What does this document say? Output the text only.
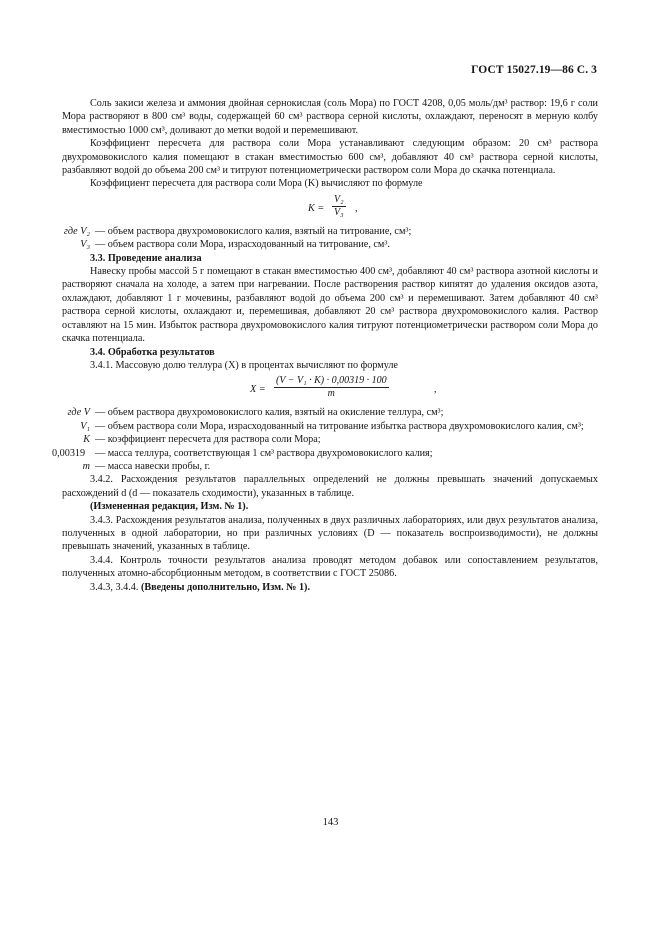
ГОСТ 15027.19—86 С. 3

Соль закиси железа и аммония двойная сернокислая (соль Мора) по ГОСТ 4208, 0,05 моль/дм³ раствор: 19,6 г соли Мора растворяют в 800 см³ воды, содержащей 60 см³ раствора серной кислоты, охлаждают, переносят в мерную колбу вместимостью 1000 см³, доливают до метки водой и перемешивают.

Коэффициент пересчета для раствора соли Мора устанавливают следующим образом: 20 см³ раствора двухромовокислого калия помещают в стакан вместимостью 600 см³, добавляют 40 см³ раствора серной кислоты, разбавляют водой до объема 200 см³ и титруют потенциометрически раствором соли Мора до скачка потенциала.

Коэффициент пересчета для раствора соли Мора (K) вычисляют по формуле

$K = \frac{\text{V₂}}{\text{V₃}}$ ,
где V₂ — объем раствора двухромовокислого калия, взятый на титрование, см³;
V₃ — объем раствора соли Мора, израсходованный на титрование, см³.

3.3. Проведение анализа

Навеску пробы массой 5 г помещают в стакан вместимостью 400 см³, добавляют 40 см³ раствора азотной кислоты и растворяют сначала на холоде, а затем при нагревании. После растворения раствор кипятят до удаления оксидов азота, охлаждают, добавляют 1 г мочевины, разбавляют водой до объема 200 см³ и перемешивают. Затем добавляют 40 см³ раствора серной кислоты, охлаждают и, перемешивая, добавляют 20 см³ раствора двухромовокислого калия. Раствор оставляют на 15 мин. Избыток раствора двухромовокислого калия титруют потенциометрически раствором соли Мора до скачка потенциала.

3.4. Обработка результатов

3.4.1. Массовую долю теллура (X) в процентах вычисляют по формуле

$X = \frac{\text{(V − V₁ · K) · 0,00319 · 100}}{m}$	,
где V — объем раствора двухромовокислого калия, взятый на окисление теллура, см³;
V₁ — объем раствора соли Мора, израсходованный на титрование избытка раствора двухромовокислого калия, см³;
K — коэффициент пересчета для раствора соли Мора;
0,00319 — масса теллура, соответствующая 1 см³ раствора двухромовокислого калия;
m — масса навески пробы, г.

3.4.2. Расхождения результатов параллельных определений не должны превышать значений допускаемых расхождений d (d — показатель сходимости), указанных в таблице.

(Измененная редакция, Изм. № 1).

3.4.3. Расхождения результатов анализа, полученных в двух различных лабораториях, или двух результатов анализа, полученных в одной лаборатории, но при различных условиях (D — показатель воспроизводимости), не должны превышать значений, указанных в таблице.

3.4.4. Контроль точности результатов анализа проводят методом добавок или сопоставлением результатов, полученных атомно-абсорбционным методом, в соответствии с ГОСТ 25086.

3.4.3, 3.4.4. (Введены дополнительно, Изм. № 1).

143
